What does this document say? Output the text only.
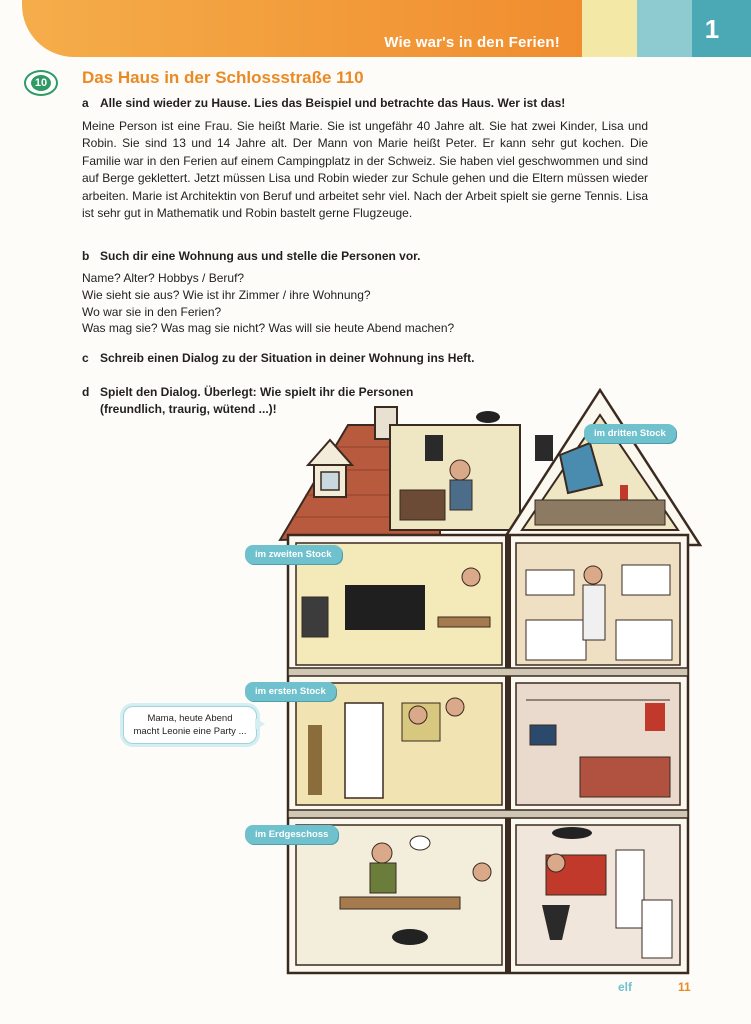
Wie war's in den Ferien!	1
10 Das Haus in der Schlossstraße 110
a Alle sind wieder zu Hause. Lies das Beispiel und betrachte das Haus. Wer ist das!
Meine Person ist eine Frau. Sie heißt Marie. Sie ist ungefähr 40 Jahre alt. Sie hat zwei Kinder, Lisa und Robin. Sie sind 13 und 14 Jahre alt. Der Mann von Marie heißt Peter. Er kann sehr gut kochen. Die Familie war in den Ferien auf einem Campingplatz in der Schweiz. Sie haben viel geschwommen und sind auf Berge geklettert. Jetzt müssen Lisa und Robin wieder zur Schule gehen und die Eltern müssen wieder arbeiten. Marie ist Architektin von Beruf und arbeitet sehr viel. Nach der Arbeit spielt sie gerne Tennis. Lisa ist sehr gut in Mathematik und Robin bastelt gerne Flugzeuge.
b Such dir eine Wohnung aus und stelle die Personen vor.
Name? Alter? Hobbys / Beruf?
Wie sieht sie aus? Wie ist ihr Zimmer / ihre Wohnung?
Wo war sie in den Ferien?
Was mag sie? Was mag sie nicht? Was will sie heute Abend machen?
c Schreib einen Dialog zu der Situation in deiner Wohnung ins Heft.
d Spielt den Dialog. Überlegt: Wie spielt ihr die Personen
(freundlich, traurig, wütend ...)!
im dritten Stock
im zweiten Stock
im ersten Stock
im Erdgeschoss
Mama, heute Abend
macht Leonie eine Party ...
elf	11
